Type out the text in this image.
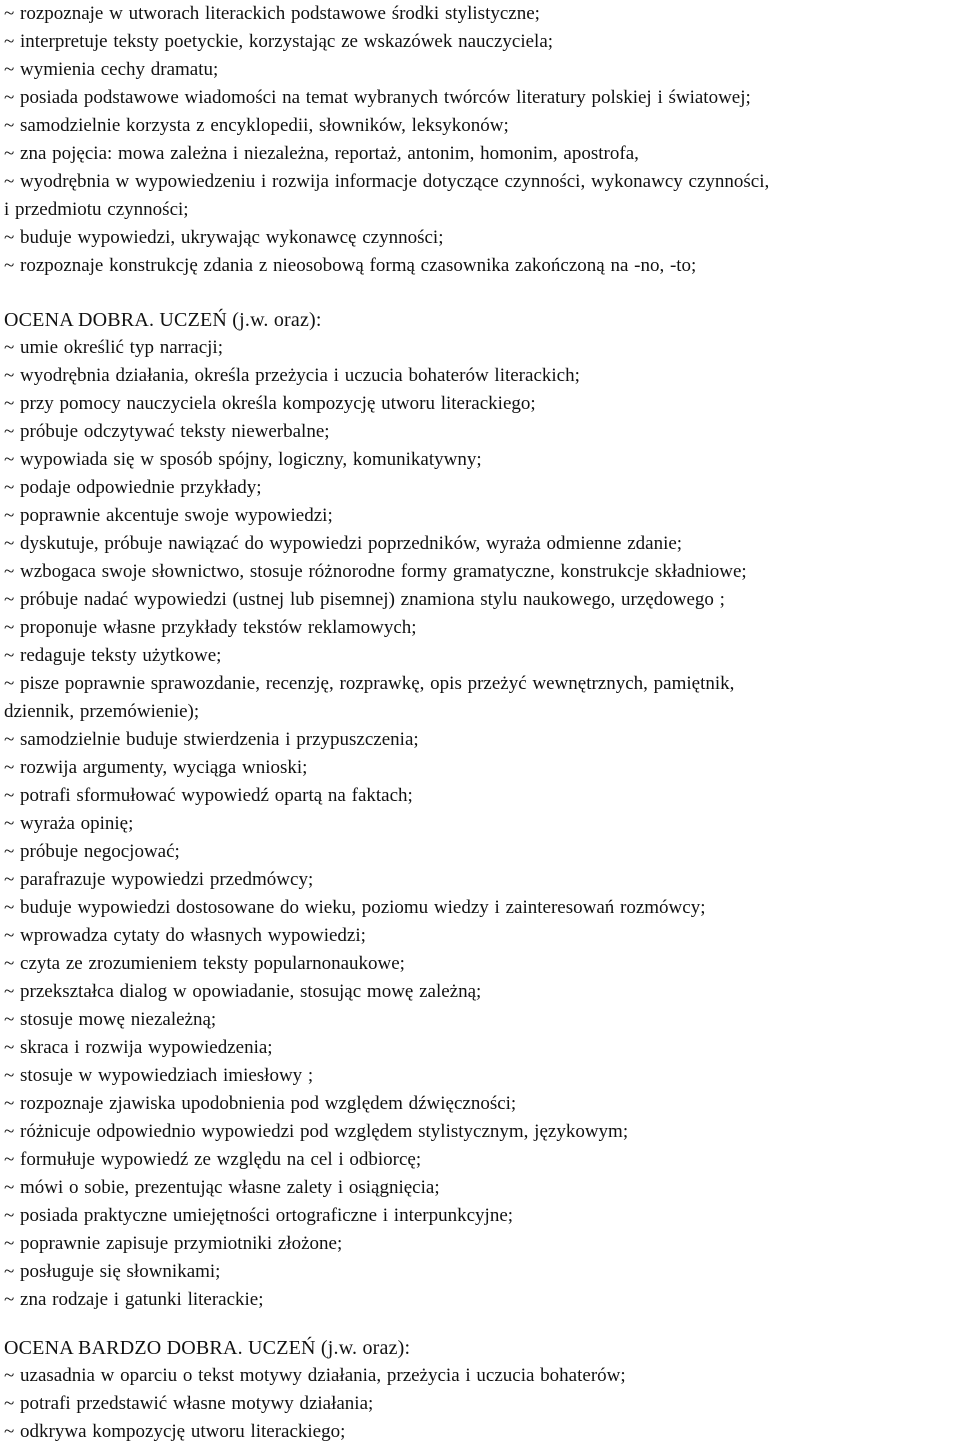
~ rozpoznaje w utworach literackich podstawowe środki stylistyczne;
~ interpretuje teksty poetyckie, korzystając ze wskazówek nauczyciela;
~ wymienia cechy dramatu;
~ posiada podstawowe wiadomości na temat wybranych twórców literatury polskiej i światowej;
~ samodzielnie korzysta z encyklopedii, słowników, leksykonów;
~ zna pojęcia: mowa zależna i niezależna, reportaż, antonim, homonim, apostrofa,
~ wyodrębnia w wypowiedzeniu i rozwija informacje dotyczące czynności, wykonawcy czynności,
i przedmiotu czynności;
~ buduje wypowiedzi, ukrywając wykonawcę czynności;
~ rozpoznaje konstrukcję zdania z nieosobową formą czasownika zakończoną na -no, -to;
OCENA DOBRA. UCZEŃ (j.w. oraz):
~ umie określić typ narracji;
~ wyodrębnia działania, określa przeżycia i uczucia bohaterów literackich;
~ przy pomocy nauczyciela określa kompozycję utworu literackiego;
~ próbuje odczytywać teksty niewerbalne;
~ wypowiada się w sposób spójny, logiczny, komunikatywny;
~ podaje odpowiednie przykłady;
~ poprawnie akcentuje swoje wypowiedzi;
~ dyskutuje, próbuje nawiązać do wypowiedzi poprzedników, wyraża odmienne zdanie;
~ wzbogaca swoje słownictwo, stosuje różnorodne formy gramatyczne, konstrukcje składniowe;
~ próbuje nadać wypowiedzi (ustnej lub pisemnej) znamiona stylu naukowego, urzędowego ;
~ proponuje własne przykłady tekstów reklamowych;
~ redaguje teksty użytkowe;
~ pisze poprawnie sprawozdanie, recenzję, rozprawkę, opis przeżyć wewnętrznych, pamiętnik,
dziennik, przemówienie);
~ samodzielnie buduje stwierdzenia i przypuszczenia;
~ rozwija argumenty, wyciąga wnioski;
~ potrafi sformułować wypowiedź opartą na faktach;
~ wyraża opinię;
~ próbuje negocjować;
~ parafrazuje wypowiedzi przedmówcy;
~ buduje wypowiedzi dostosowane do wieku, poziomu wiedzy i zainteresowań rozmówcy;
~ wprowadza cytaty do własnych wypowiedzi;
~ czyta ze zrozumieniem teksty popularnonaukowe;
~ przekształca dialog w opowiadanie, stosując mowę zależną;
~ stosuje mowę niezależną;
~ skraca i rozwija wypowiedzenia;
~ stosuje w wypowiedziach imiesłowy ;
~ rozpoznaje zjawiska upodobnienia pod względem dźwięczności;
~ różnicuje odpowiednio wypowiedzi pod względem stylistycznym, językowym;
~ formułuje wypowiedź ze względu na cel i odbiorcę;
~ mówi o sobie, prezentując własne zalety i osiągnięcia;
~ posiada praktyczne umiejętności ortograficzne i interpunkcyjne;
~ poprawnie zapisuje przymiotniki złożone;
~ posługuje się słownikami;
~ zna rodzaje i gatunki literackie;
OCENA BARDZO DOBRA. UCZEŃ (j.w. oraz):
~ uzasadnia w oparciu o tekst motywy działania, przeżycia i uczucia bohaterów;
~ potrafi przedstawić własne motywy działania;
~ odkrywa kompozycję utworu literackiego;
